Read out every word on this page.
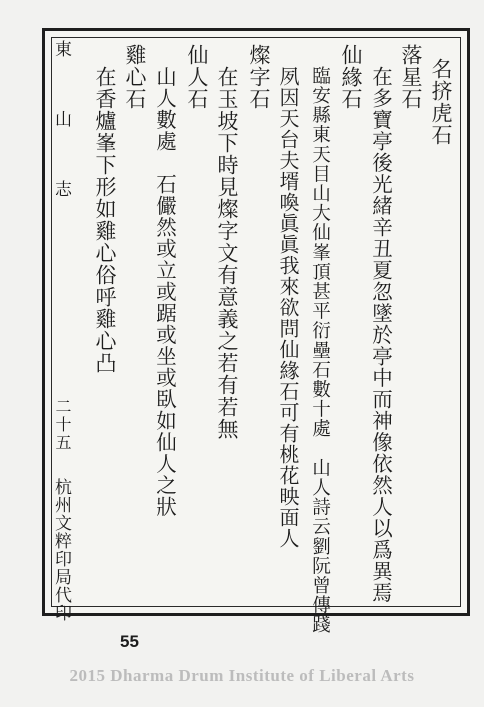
名挤虎石
落星石
在多寶亭後光緒辛丑夏忽墜於亭中而神像依然人以爲異焉
仙緣石
臨安縣東天目山大仙峯頂甚平衍壘石數十處　山人詩云劉阮曾傳踐
夙因天台夫壻喚眞眞我來欲問仙緣石可有桃花映面人
燦字石
在玉坡下時見燦字文有意義之若有若無
仙人石
山人數處　石儼然或立或踞或坐或臥如仙人之狀
雞心石
在香爐峯下形如雞心俗呼雞心凸
東　山　志
二十五
杭州文粹印局代印
55
2015 Dharma Drum Institute of Liberal Arts
